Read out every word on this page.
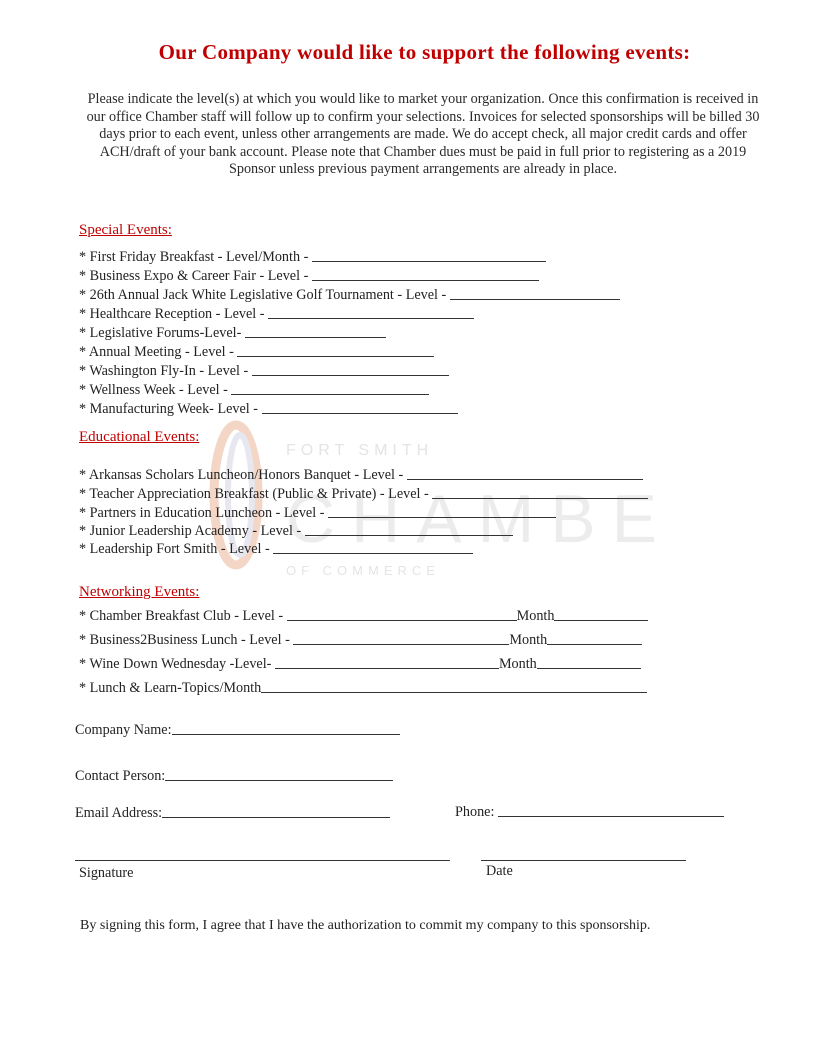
Our Company would like to support the following events:
Please indicate the level(s) at which you would like to market your organization. Once this confirmation is received in our office Chamber staff will follow up to confirm your selections. Invoices for selected sponsorships will be billed 30 days prior to each event, unless other arrangements are made. We do accept check, all major credit cards and offer ACH/draft of your bank account. Please note that Chamber dues must be paid in full prior to registering as a 2019 Sponsor unless previous payment arrangements are already in place.
FORT SMITH
CHAMBE
OF COMMERCE
Special Events:
* First Friday Breakfast - Level/Month -
* Business Expo & Career Fair - Level -
* 26th Annual Jack White Legislative Golf Tournament - Level -
* Healthcare Reception - Level -
* Legislative Forums-Level-
* Annual Meeting - Level -
* Washington Fly-In - Level -
* Wellness Week - Level -
* Manufacturing Week- Level -
Educational Events:
* Arkansas Scholars Luncheon/Honors Banquet - Level -
* Teacher Appreciation Breakfast (Public & Private) - Level -
* Partners in Education Luncheon - Level -
* Junior Leadership Academy - Level -
* Leadership Fort Smith - Level -
Networking Events:
* Chamber Breakfast Club - Level -	Month
* Business2Business Lunch - Level -	Month
* Wine Down Wednesday -Level-	Month
* Lunch & Learn-Topics/Month
Company Name:
Contact Person:
Email Address:	Phone:
Signature	Date
By signing this form, I agree that I have the authorization to commit my company to this sponsorship.
